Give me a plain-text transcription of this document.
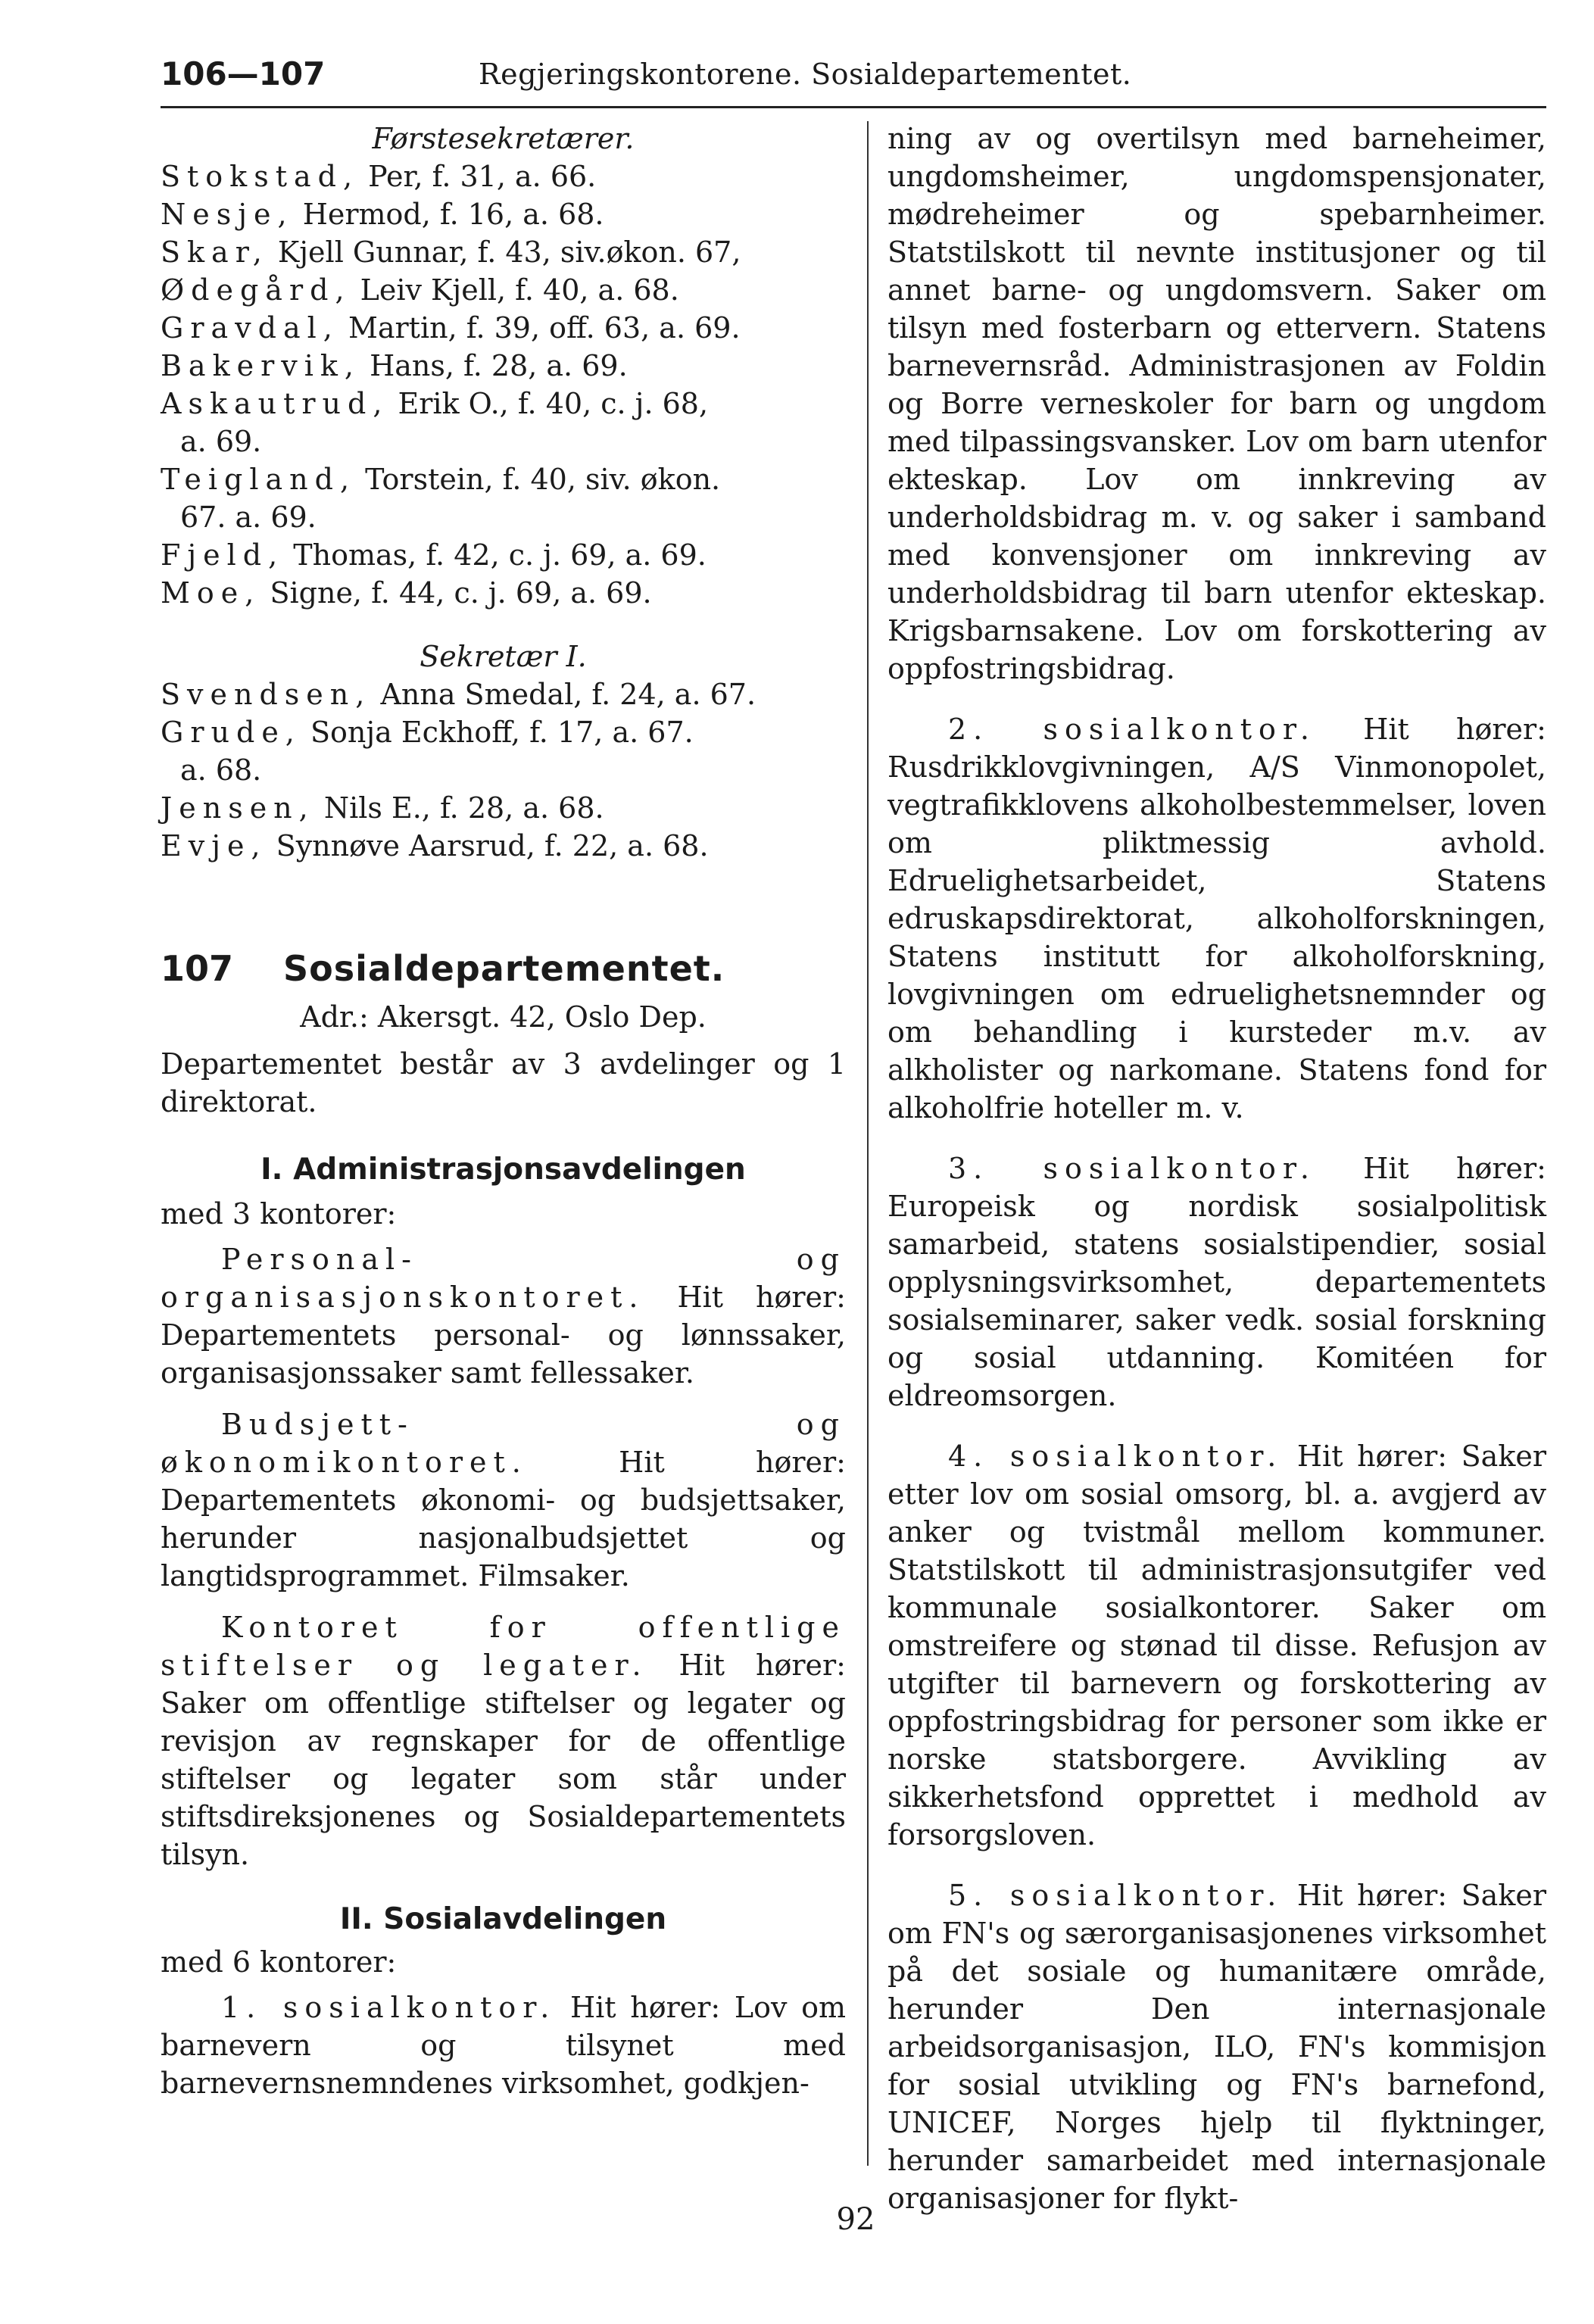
106—107	Regjeringskontorene. Sosialdepartementet.

Førstesekretærer.

Stokstad, Per, f. 31, a. 66.

Nesje, Hermod, f. 16, a. 68.

Skar, Kjell Gunnar, f. 43, siv.økon. 67,

Ødegård, Leiv Kjell, f. 40, a. 68.

Gravdal, Martin, f. 39, off. 63, a. 69.

Bakervik, Hans, f. 28, a. 69.

Askautrud, Erik O., f. 40, c. j. 68,

a. 69.

Teigland, Torstein, f. 40, siv. økon.

67. a. 69.

Fjeld, Thomas, f. 42, c. j. 69, a. 69.

Moe, Signe, f. 44, c. j. 69, a. 69.

Sekretær I.

Svendsen, Anna Smedal, f. 24, a. 67.

Grude, Sonja Eckhoff, f. 17, a. 67.

a. 68.

Jensen, Nils E., f. 28, a. 68.

Evje, Synnøve Aarsrud, f. 22, a. 68.

107 Sosialdepartementet.

Adr.: Akersgt. 42, Oslo Dep.

Departementet består av 3 avdelinger og 1 direktorat.

I. Administrasjonsavdelingen

med 3 kontorer:

Personal- og organisasjonskontoret. Hit hører: Departementets personal- og lønnssaker, organisasjonssaker samt fellessaker.

Budsjett- og økonomikontoret.	Hit hører: Departementets økonomi- og budsjettsaker, herunder nasjonalbudsjettet og langtidsprogrammet. Filmsaker.

Kontoret for offentlige stiftelser og legater. Hit hører: Saker om offentlige stiftelser og legater og revisjon av regnskaper for de offentlige stiftelser og legater som står under stiftsdireksjonenes og Sosialdepartementets tilsyn.

II. Sosialavdelingen

med 6 kontorer:

1. sosialkontor. Hit hører: Lov om barnevern og tilsynet med barnevernsnemndenes virksomhet, godkjen-

ning av og overtilsyn med barneheimer, ungdomsheimer, ungdomspensjonater, mødreheimer og spebarnheimer. Statstilskott til nevnte institusjoner og til annet barne- og ungdomsvern. Saker om tilsyn med fosterbarn og ettervern. Statens barnevernsråd. Administrasjonen av Foldin og Borre verneskoler for barn og ungdom med tilpassingsvansker. Lov om barn utenfor ekteskap. Lov om innkreving av underholdsbidrag m. v. og saker i samband med konvensjoner om innkreving av underholdsbidrag til barn utenfor ekteskap. Krigsbarnsakene. Lov om forskottering av oppfostringsbidrag.

2. sosialkontor. Hit hører: Rusdrikklovgivningen, A/S Vinmonopolet, vegtrafikklovens alkoholbestemmelser, loven om pliktmessig avhold. Edruelighetsarbeidet, Statens edruskapsdirektorat, alkoholforskningen, Statens institutt for alkoholforskning, lovgivningen om edruelighetsnemnder og om behandling i kursteder m.v. av alkholister og narkomane. Statens fond for alkoholfrie hoteller m. v.

3. sosialkontor. Hit hører: Europeisk og nordisk sosialpolitisk samarbeid, statens sosialstipendier, sosial opplysningsvirksomhet, departementets sosialseminarer, saker vedk. sosial forskning og sosial utdanning. Komitéen for eldreomsorgen.

4. sosialkontor. Hit hører: Saker etter lov om sosial omsorg, bl. a. avgjerd av anker og tvistmål mellom kommuner. Statstilskott til administrasjonsutgifer ved kommunale sosialkontorer. Saker om omstreifere og stønad til disse. Refusjon av utgifter til barnevern og forskottering av oppfostringsbidrag for personer som ikke er norske statsborgere. Avvikling av sikkerhetsfond opprettet i medhold av forsorgsloven.

5. sosialkontor. Hit hører: Saker om FN's og særorganisasjonenes virksomhet på det sosiale og humanitære område, herunder Den internasjonale arbeidsorganisasjon, ILO, FN's kommisjon for sosial utvikling og FN's barnefond, UNICEF, Norges hjelp til flyktninger, herunder samarbeidet med internasjonale organisasjoner for flykt-

92
